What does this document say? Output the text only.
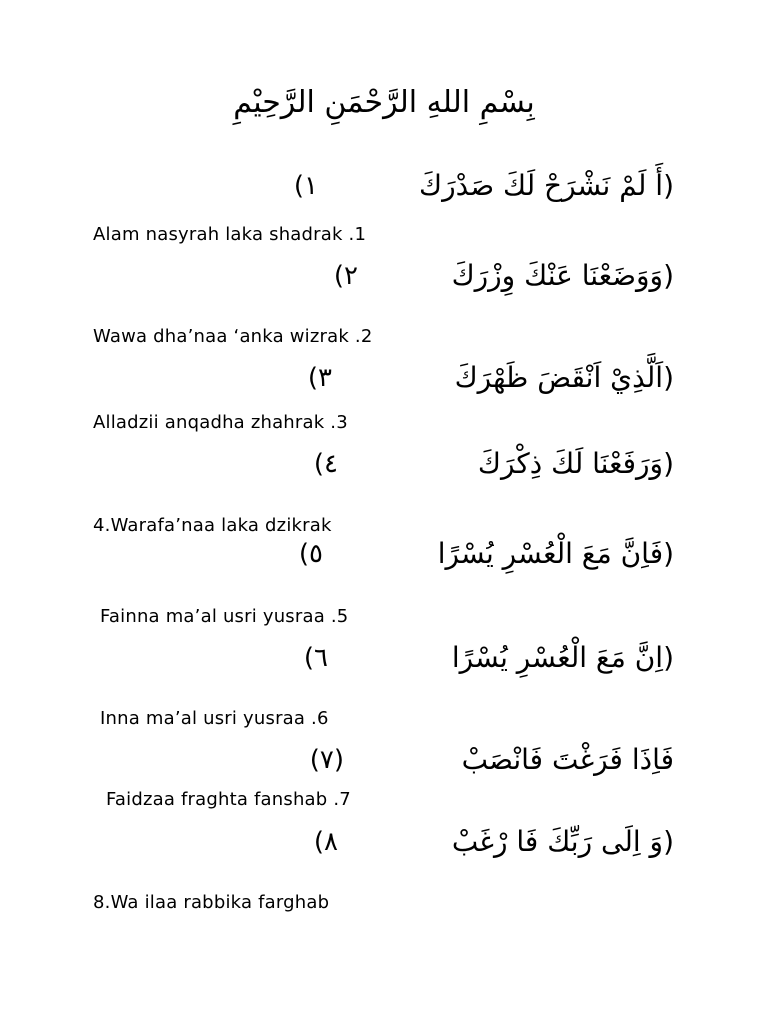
بِسْمِ اللهِ الرَّحْمَنِ الرَّحِيْمِ
(أَ لَمْ نَشْرَحْ لَكَ صَدْرَكَ
١)
Alam nasyrah laka shadrak .1
(وَوَضَعْنَا عَنْكَ وِزْرَكَ
٢)
Wawa dha’naa ‘anka wizrak .2
(اَلَّذِيْ اَنْقَضَ ظَهْرَكَ
٣)
Alladzii anqadha zhahrak .3
(وَرَفَعْنَا لَكَ ذِكْرَكَ
٤)
4.Warafa’naa laka dzikrak
(فَاِنَّ مَعَ الْعُسْرِ يُسْرًا
٥)
Fainna ma’al usri yusraa .5
(اِنَّ مَعَ الْعُسْرِ يُسْرًا
٦)
Inna ma’al usri yusraa .6
فَاِذَا فَرَغْتَ فَانْصَبْ
(٧)
Faidzaa fraghta fanshab .7
(وَ اِلَى رَبِّكَ فَا رْغَبْ
٨)
8.Wa ilaa rabbika farghab
